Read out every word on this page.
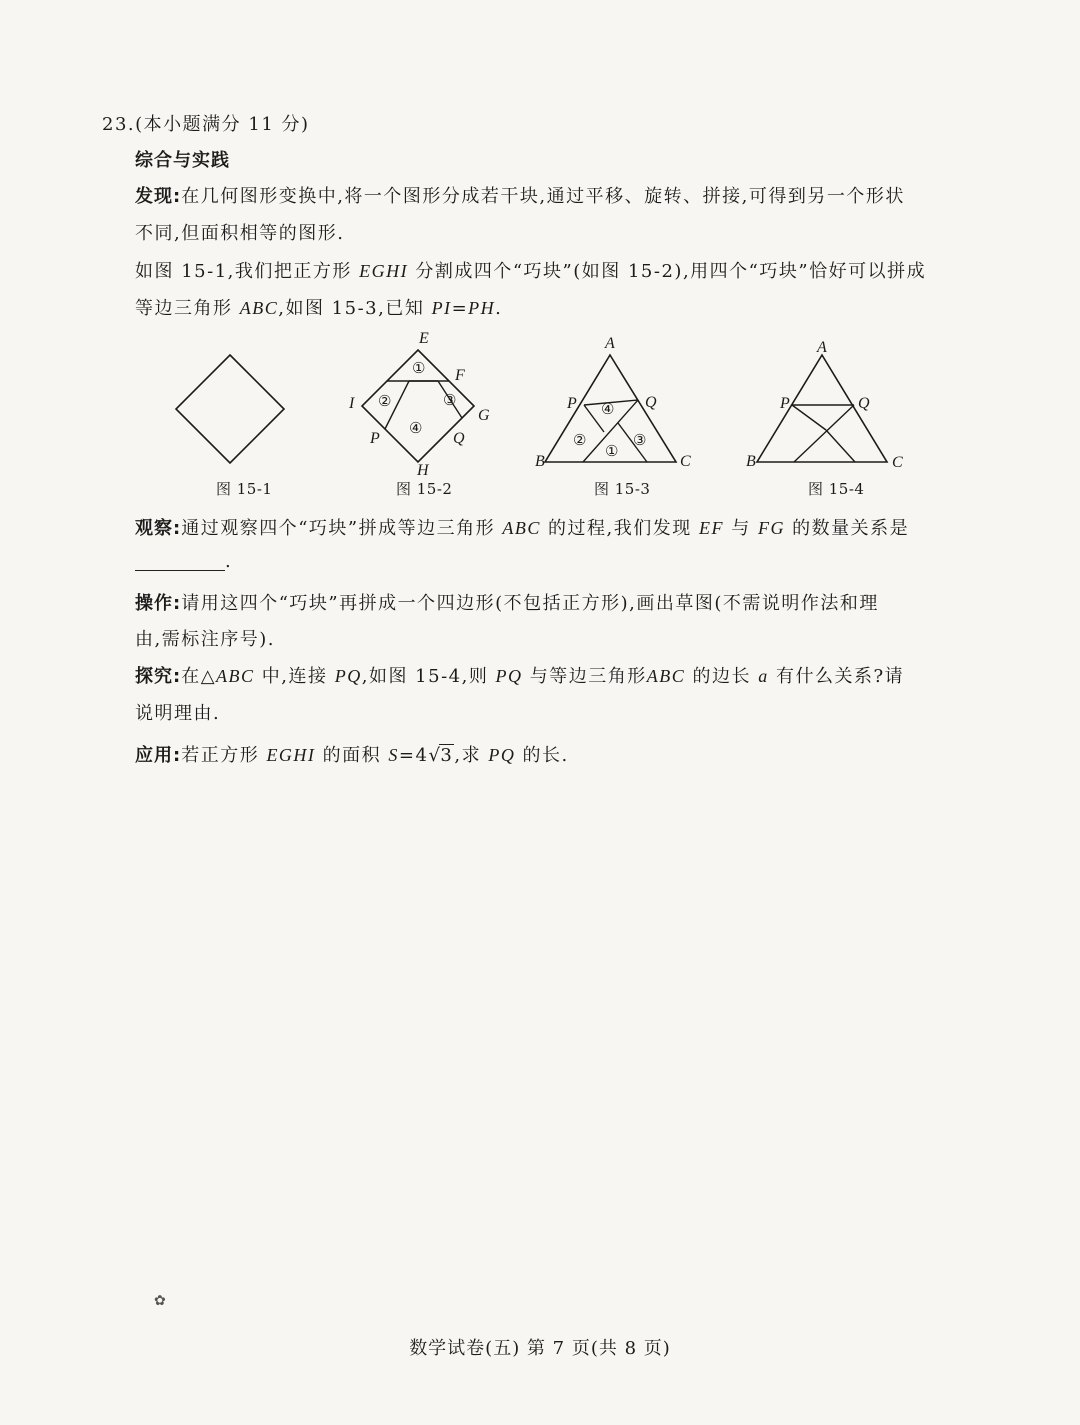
23.(本小题满分 11 分)
综合与实践
发现:在几何图形变换中,将一个图形分成若干块,通过平移、旋转、拼接,可得到另一个形状
不同,但面积相等的图形.
如图 15-1,我们把正方形 EGHI 分割成四个“巧块”(如图 15-2),用四个“巧块”恰好可以拼成
等边三角形 ABC,如图 15-3,已知 PI=PH.
E
F
G
H
I
P	Q
①
②	③
④
A
B	C
P	Q
④
②	③
①
A
B	C
P	Q
图 15-1	图 15-2	图 15-3	图 15-4
观察:通过观察四个“巧块”拼成等边三角形 ABC 的过程,我们发现 EF 与 FG 的数量关系是
.
操作:请用这四个“巧块”再拼成一个四边形(不包括正方形),画出草图(不需说明作法和理
由,需标注序号).
探究:在△ABC 中,连接 PQ,如图 15-4,则 PQ 与等边三角形ABC 的边长 a 有什么关系?请
说明理由.
应用:若正方形 EGHI 的面积 S=4√3,求 PQ 的长.
✿
数学试卷(五) 第 7 页(共 8 页)
